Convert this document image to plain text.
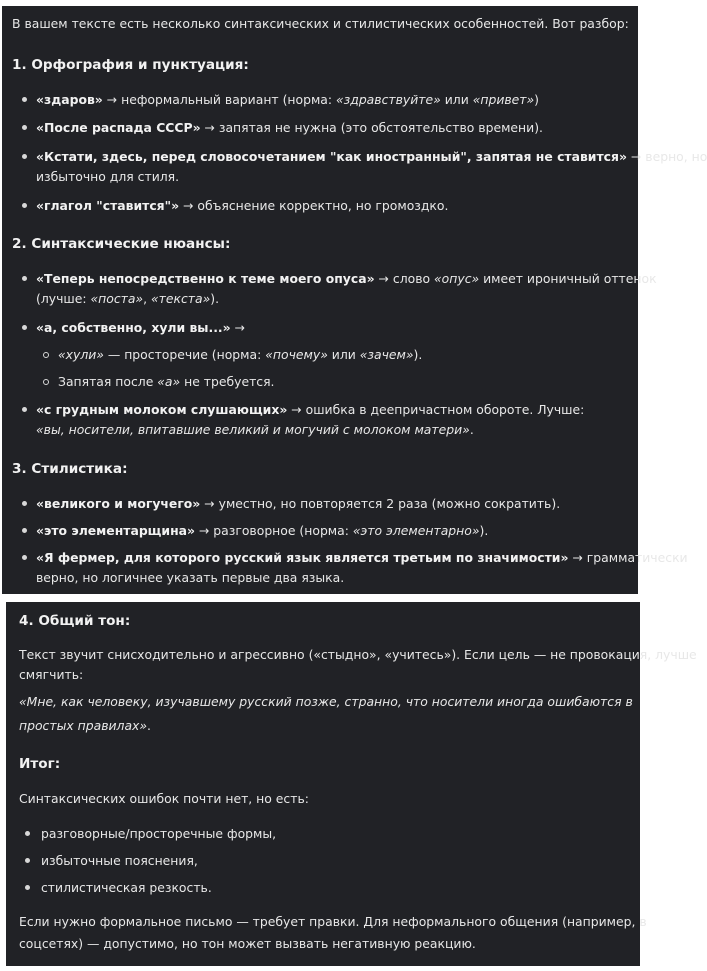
В вашем тексте есть несколько синтаксических и стилистических особенностей. Вот разбор:
1. Орфография и пунктуация:
«здаров» → неформальный вариант (норма: «здравствуйте» или «привет»)
«После распада СССР» → запятая не нужна (это обстоятельство времени).
«Кстати, здесь, перед словосочетанием "как иностранный", запятая не ставится» → верно, но
избыточно для стиля.
«глагол "ставится"» → объяснение корректно, но громоздко.
2. Синтаксические нюансы:
«Теперь непосредственно к теме моего опуса» → слово «опус» имеет ироничный оттенок
(лучше: «поста», «текста»).
«а, собственно, хули вы...» →
«хули» — просторечие (норма: «почему» или «зачем»).
Запятая после «а» не требуется.
«с грудным молоком слушающих» → ошибка в деепричастном обороте. Лучше:
«вы, носители, впитавшие великий и могучий с молоком матери».
3. Стилистика:
«великого и могучего» → уместно, но повторяется 2 раза (можно сократить).
«это элементарщина» → разговорное (норма: «это элементарно»).
«Я фермер, для которого русский язык является третьим по значимости» → грамматически
верно, но логичнее указать первые два языка.
4. Общий тон:
Текст звучит снисходительно и агрессивно («стыдно», «учитесь»). Если цель — не провокация, лучше
смягчить:
«Мне, как человеку, изучавшему русский позже, странно, что носители иногда ошибаются в
простых правилах».
Итог:
Синтаксических ошибок почти нет, но есть:
разговорные/просторечные формы,
избыточные пояснения,
стилистическая резкость.
Если нужно формальное письмо — требует правки. Для неформального общения (например, в
соцсетях) — допустимо, но тон может вызвать негативную реакцию.
